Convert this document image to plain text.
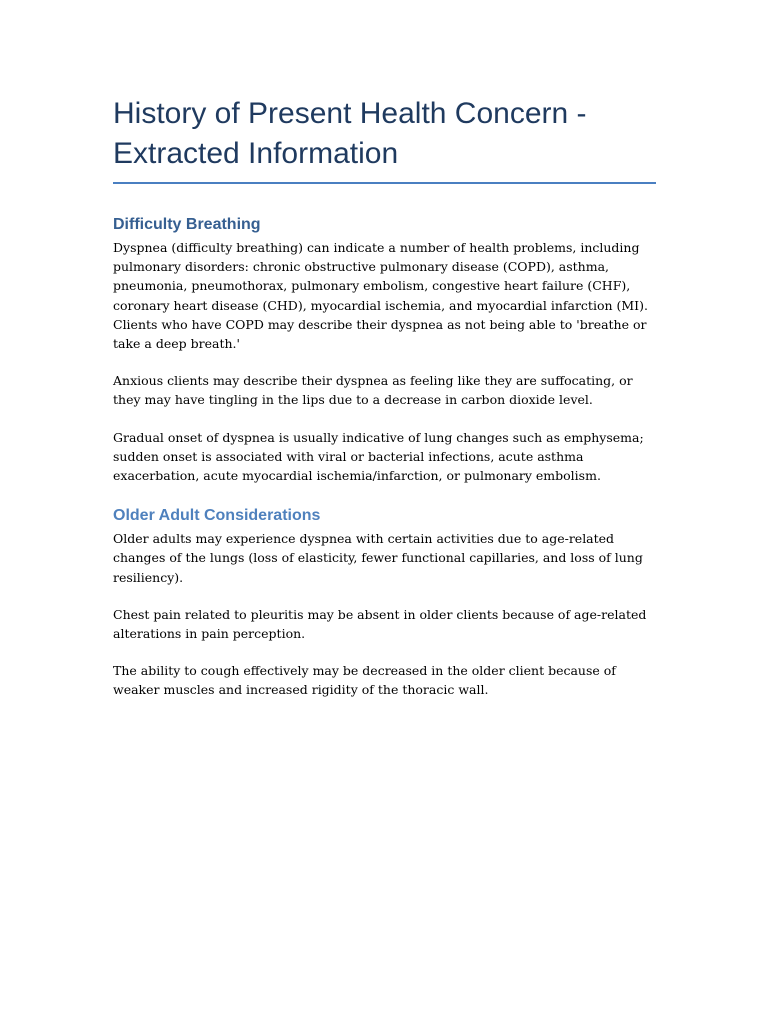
History of Present Health Concern - Extracted Information
Difficulty Breathing

Dyspnea (difficulty breathing) can indicate a number of health problems, including pulmonary disorders: chronic obstructive pulmonary disease (COPD), asthma, pneumonia, pneumothorax, pulmonary embolism, congestive heart failure (CHF), coronary heart disease (CHD), myocardial ischemia, and myocardial infarction (MI). Clients who have COPD may describe their dyspnea as not being able to 'breathe or take a deep breath.'

Anxious clients may describe their dyspnea as feeling like they are suffocating, or they may have tingling in the lips due to a decrease in carbon dioxide level.

Gradual onset of dyspnea is usually indicative of lung changes such as emphysema; sudden onset is associated with viral or bacterial infections, acute asthma exacerbation, acute myocardial ischemia/infarction, or pulmonary embolism.

Older Adult Considerations

Older adults may experience dyspnea with certain activities due to age-related changes of the lungs (loss of elasticity, fewer functional capillaries, and loss of lung resiliency).

Chest pain related to pleuritis may be absent in older clients because of age-related alterations in pain perception.

The ability to cough effectively may be decreased in the older client because of weaker muscles and increased rigidity of the thoracic wall.
